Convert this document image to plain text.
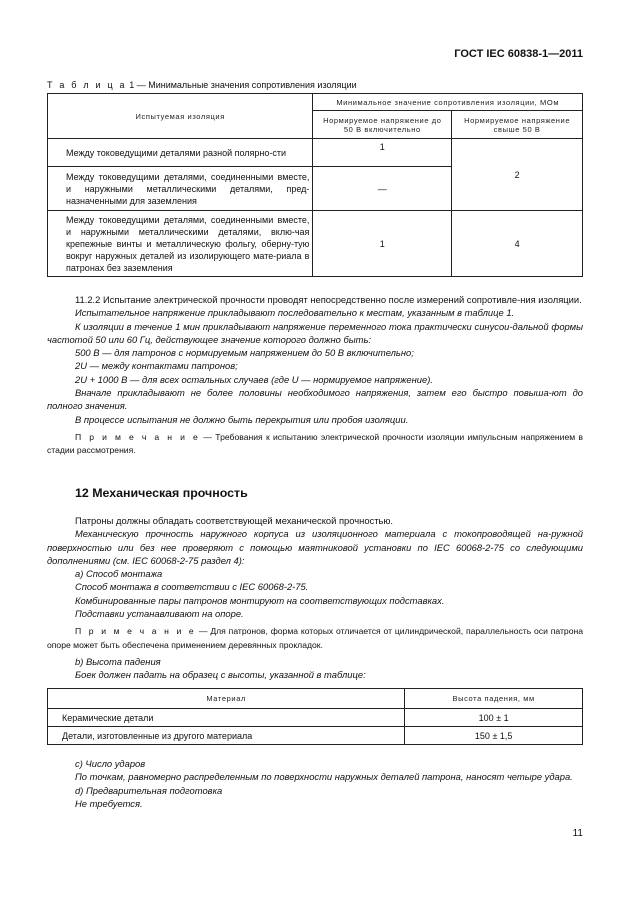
ГОСТ IEC 60838-1—2011
Т а б л и ц а 1 — Минимальные значения сопротивления изоляции
Испытуемая изоляция	Минимальное значение сопротивления изоляции, МОм	
	Нормируемое напряжение до 50 В включительно	Нормируемое напряжение свыше 50 В
Между токоведущими деталями разной полярно-сти	1	2
Между токоведущими деталями, соединенными вместе, и наружными металлическими деталями, пред-назначенными для заземления	—	
Между токоведущими деталями, соединенными вместе, и наружными металлическими деталями, вклю-чая крепежные винты и металлическую фольгу, оберну-тую вокруг наружных деталей из изолирующего мате-риала в патронах без заземления	1	4

11.2.2 Испытание электрической прочности проводят непосредственно после измерений сопротивле-ния изоляции.

Испытательное напряжение прикладывают последовательно к местам, указанным в таблице 1.

К изоляции в течение 1 мин прикладывают напряжение переменного тока практически синусои-дальной формы частотой 50 или 60 Гц, действующее значение которого должно быть:

500 В — для патронов с нормируемым напряжением до 50 В включительно;

2U — между контактами патронов;

2U + 1000 В — для всех остальных случаев (где U — нормируемое напряжение).

Вначале прикладывают не более половины необходимого напряжения, затем его быстро повыша-ют до полного значения.

В процессе испытания не должно быть перекрытия или пробоя изоляции.

П р и м е ч а н и е — Требования к испытанию электрической прочности изоляции импульсным напряжением в стадии рассмотрения.

12 Механическая прочность

Патроны должны обладать соответствующей механической прочностью.

Механическую прочность наружного корпуса из изоляционного материала с токопроводящей на-ружной поверхностью или без нее проверяют с помощью маятниковой установки по IEC 60068-2-75 со следующими дополнениями (см. IEC 60068-2-75 раздел 4):

а) Способ монтажа

Способ монтажа в соответствии с IEC 60068-2-75.

Комбинированные пары патронов монтируют на соответствующих подставках.

Подставки устанавливают на опоре.

П р и м е ч а н и е — Для патронов, форма которых отличается от цилиндрической, параллельность оси патрона опоре может быть обеспечена применением деревянных прокладок.

b) Высота падения

Боек должен падать на образец с высоты, указанной в таблице:

Материал	Высота падения, мм
Керамические детали	100 ± 1
Детали, изготовленные из другого материала	150 ± 1,5

с) Число ударов

По точкам, равномерно распределенным по поверхности наружных деталей патрона, наносят четыре удара.

d) Предварительная подготовка

Не требуется.

11
